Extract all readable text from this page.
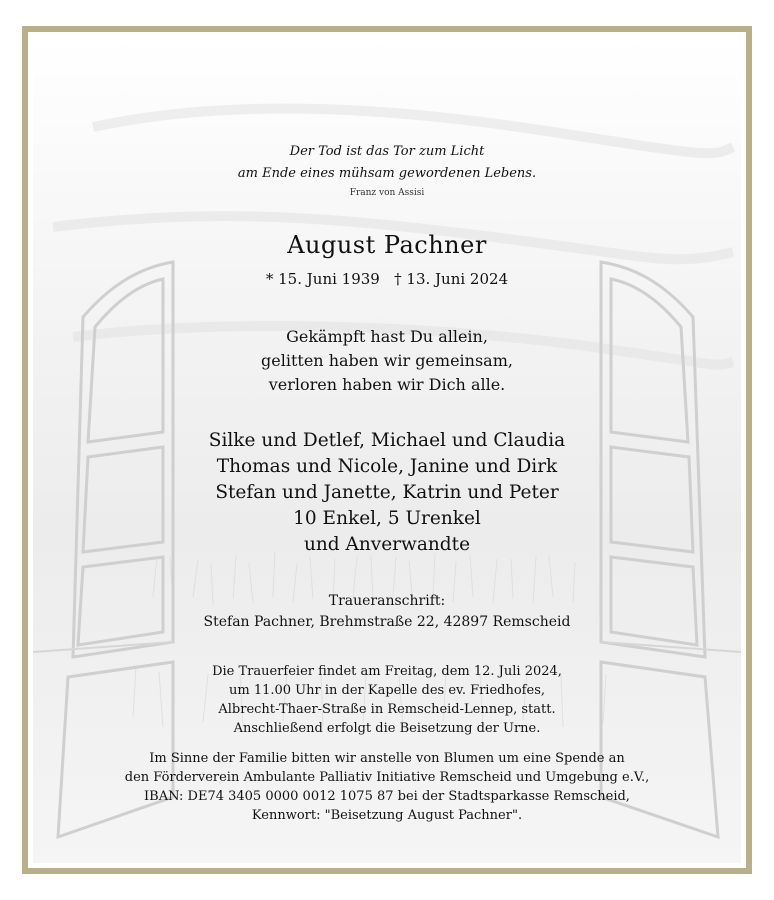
Der Tod ist das Tor zum Licht
am Ende eines mühsam gewordenen Lebens.
Franz von Assisi
August Pachner
* 15. Juni 1939   † 13. Juni 2024
Gekämpft hast Du allein,
gelitten haben wir gemeinsam,
verloren haben wir Dich alle.
Silke und Detlef, Michael und Claudia
Thomas und Nicole, Janine und Dirk
Stefan und Janette, Katrin und Peter
10 Enkel, 5 Urenkel
und Anverwandte
Traueranschrift:
Stefan Pachner, Brehmstraße 22, 42897 Remscheid
Die Trauerfeier findet am Freitag, dem 12. Juli 2024,
um 11.00 Uhr in der Kapelle des ev. Friedhofes,
Albrecht-Thaer-Straße in Remscheid-Lennep, statt.
Anschließend erfolgt die Beisetzung der Urne.
Im Sinne der Familie bitten wir anstelle von Blumen um eine Spende an
den Förderverein Ambulante Palliativ Initiative Remscheid und Umgebung e.V.,
IBAN: DE74 3405 0000 0012 1075 87 bei der Stadtsparkasse Remscheid,
Kennwort: "Beisetzung August Pachner".
